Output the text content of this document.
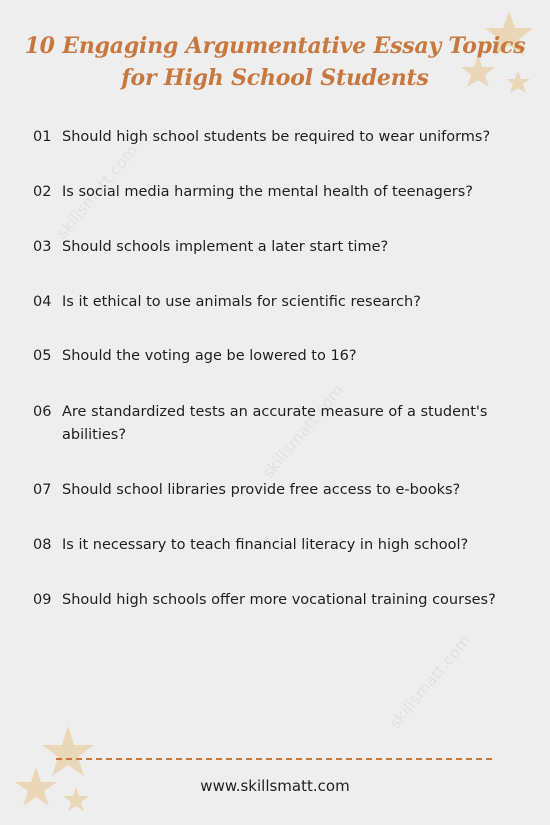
skillsmatt.com
skillsmatt.com
skillsmatt.com
10 Engaging Argumentative Essay Topics
for High School Students
01 Should high school students be required to wear uniforms?
02 Is social media harming the mental health of teenagers?
03 Should schools implement a later start time?
04 Is it ethical to use animals for scientific research?
05 Should the voting age be lowered to 16?
06 Are standardized tests an accurate measure of a student's abilities?
07 Should school libraries provide free access to e-books?
08 Is it necessary to teach financial literacy in high school?
09 Should high schools offer more vocational training courses?
www.skillsmatt.com
